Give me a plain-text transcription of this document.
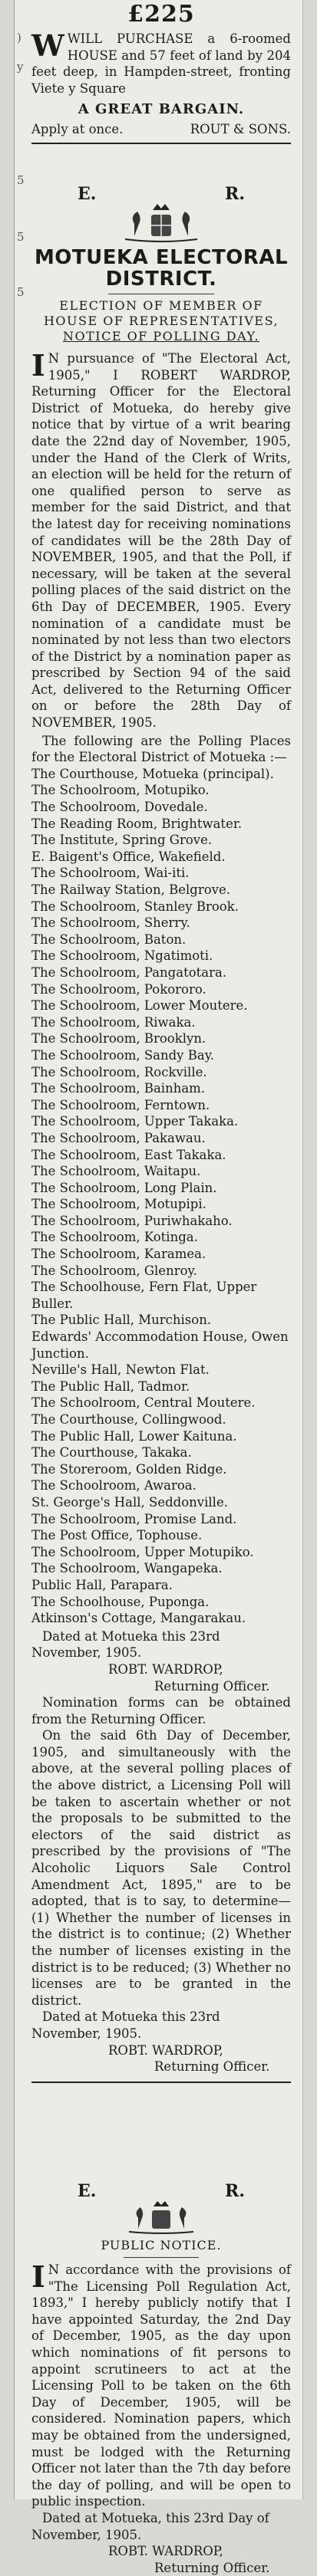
)
y
5
5
5
£225
WWILL PURCHASE a 6-roomed HOUSE and 57 feet of land by 204 feet deep, in Hampden-street, fronting Viete y Square
A GREAT BARGAIN.
Apply at once.	ROUT & SONS.
E.	R.
MOTUEKA ELECTORAL DISTRICT.
ELECTION OF MEMBER OF
HOUSE OF REPRESENTATIVES,
NOTICE OF POLLING DAY.
I N pursuance of "The Electoral Act, 1905," I ROBERT WARDROP, Returning Officer for the Electoral District of Motueka, do hereby give notice that by virtue of a writ bearing date the 22nd day of November, 1905, under the Hand of the Clerk of Writs, an election will be held for the return of one qualified person to serve as member for the said District, and that the latest day for receiving nominations of candidates will be the 28th Day of NOVEMBER, 1905, and that the Poll, if necessary, will be taken at the several polling places of the said district on the 6th Day of DECEMBER, 1905. Every nomination of a candidate must be nominated by not less than two electors of the District by a nomination paper as prescribed by Section 94 of the said Act, delivered to the Returning Officer on or before the 28th Day of NOVEMBER, 1905.

The following are the Polling Places for the Electoral District of Motueka :—

The Courthouse, Motueka (principal).
The Schoolroom, Motupiko.
The Schoolroom, Dovedale.
The Reading Room, Brightwater.
The Institute, Spring Grove.
E. Baigent's Office, Wakefield.
The Schoolroom, Wai-iti.
The Railway Station, Belgrove.
The Schoolroom, Stanley Brook.
The Schoolroom, Sherry.
The Schoolroom, Baton.
The Schoolroom, Ngatimoti.
The Schoolroom, Pangatotara.
The Schoolroom, Pokororo.
The Schoolroom, Lower Moutere.
The Schoolroom, Riwaka.
The Schoolroom, Brooklyn.
The Schoolroom, Sandy Bay.
The Schoolroom, Rockville.
The Schoolroom, Bainham.
The Schoolroom, Ferntown.
The Schoolroom, Upper Takaka.
The Schoolroom, Pakawau.
The Schoolroom, East Takaka.
The Schoolroom, Waitapu.
The Schoolroom, Long Plain.
The Schoolroom, Motupipi.
The Schoolroom, Puriwhakaho.
The Schoolroom, Kotinga.
The Schoolroom, Karamea.
The Schoolroom, Glenroy.
The Schoolhouse, Fern Flat, Upper Buller.
The Public Hall, Murchison.
Edwards' Accommodation House, Owen Junction.
Neville's Hall, Newton Flat.
The Public Hall, Tadmor.
The Schoolroom, Central Moutere.
The Courthouse, Collingwood.
The Public Hall, Lower Kaituna.
The Courthouse, Takaka.
The Storeroom, Golden Ridge.
The Schoolroom, Awaroa.
St. George's Hall, Seddonville.
The Schoolroom, Promise Land.
The Post Office, Tophouse.
The Schoolroom, Upper Motupiko.
The Schoolroom, Wangapeka.
Public Hall, Parapara.
The Schoolhouse, Puponga.
Atkinson's Cottage, Mangarakau.
Dated at Motueka this 23rd November, 1905.
ROBT. WARDROP,
Returning Officer.

Nomination forms can be obtained from the Returning Officer.

On the said 6th Day of December, 1905, and simultaneously with the above, at the several polling places of the above district, a Licensing Poll will be taken to ascertain whether or not the proposals to be submitted to the electors of the said district as prescribed by the provisions of "The Alcoholic Liquors Sale Control Amendment Act, 1895," are to be adopted, that is to say, to determine—(1) Whether the number of licenses in the district is to continue; (2) Whether the number of licenses existing in the district is to be reduced; (3) Whether no licenses are to be granted in the district.

Dated at Motueka this 23rd November, 1905.
ROBT. WARDROP,
Returning Officer.
E.	R.
PUBLIC NOTICE.
I N accordance with the provisions of "The Licensing Poll Regulation Act, 1893," I hereby publicly notify that I have appointed Saturday, the 2nd Day of December, 1905, as the day upon which nominations of fit persons to appoint scrutineers to act at the Licensing Poll to be taken on the 6th Day of December, 1905, will be considered. Nomination papers, which may be obtained from the undersigned, must be lodged with the Returning Officer not later than the 7th day before the day of polling, and will be open to public inspection.
Dated at Motueka, this 23rd Day of November, 1905.
ROBT. WARDROP,
Returning Officer.
